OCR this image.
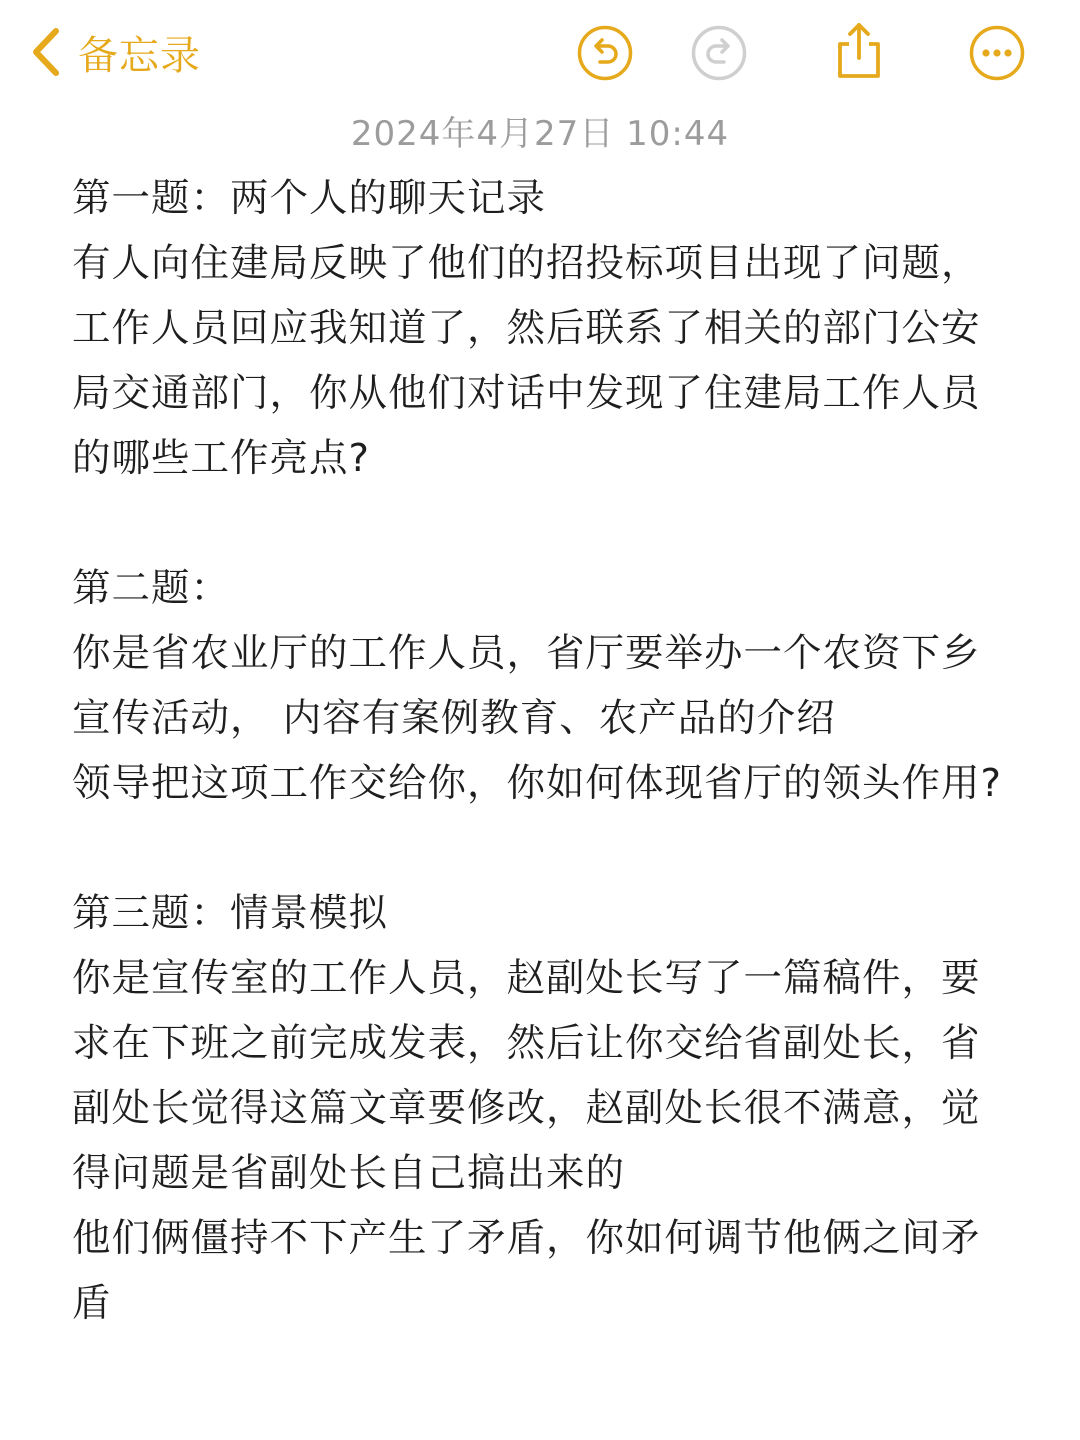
备忘录
2024年4月27日 10:44

第一题：两个人的聊天记录

有人向住建局反映了他们的招投标项目出现了问题，工作人员回应我知道了，然后联系了相关的部门公安局交通部门，你从他们对话中发现了住建局工作人员的哪些工作亮点?

第二题：

你是省农业厅的工作人员，省厅要举办一个农资下乡宣传活动， 内容有案例教育、农产品的介绍

领导把这项工作交给你，你如何体现省厅的领头作用?

第三题：情景模拟

你是宣传室的工作人员，赵副处长写了一篇稿件，要求在下班之前完成发表，然后让你交给省副处长，省副处长觉得这篇文章要修改，赵副处长很不满意，觉得问题是省副处长自己搞出来的

他们俩僵持不下产生了矛盾，你如何调节他俩之间矛盾
